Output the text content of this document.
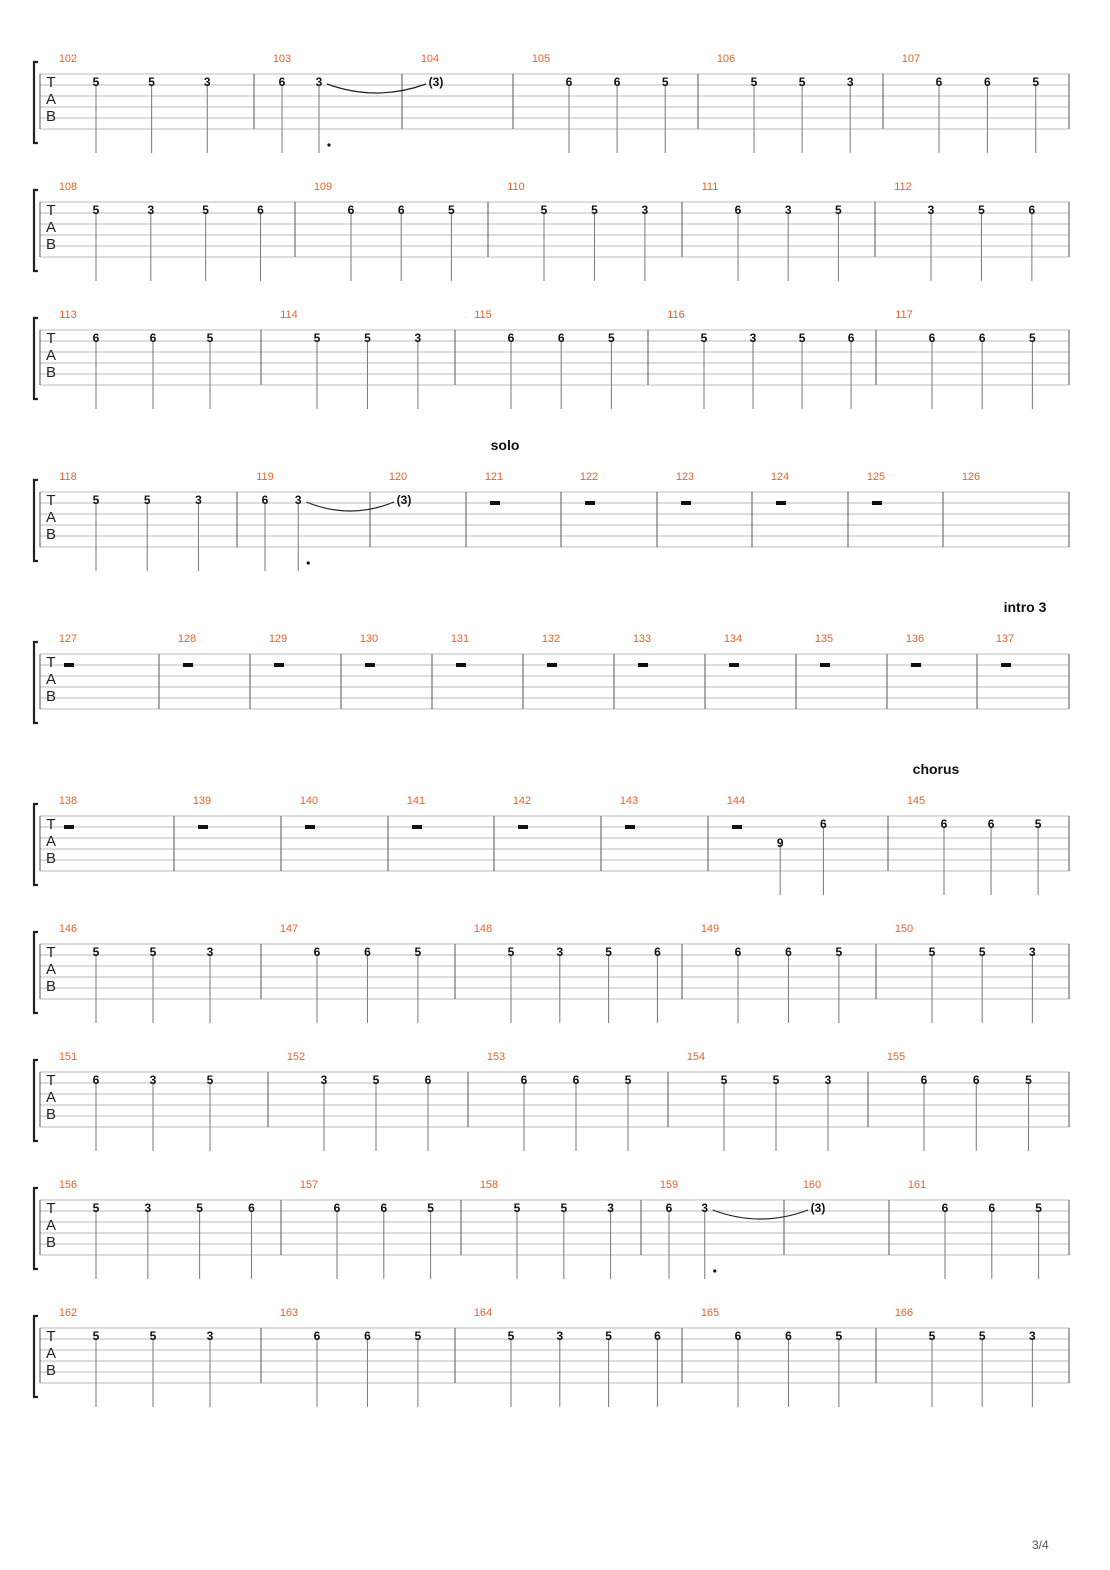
T
A
B
102
5	5	3
103
6	3
104
(3)
105
6	6	5
106
5	5	3
107
6	6	5
T
A
B
108
5	3	5	6
109
6	6	5
110
5	5	3
111
6	3	5
112
3	5	6
T
A
B
113
6	6	5
114
5	5	3
115
6	6	5
116
5	3	5	6
117
6	6	5
T
A
B
solo
118
5	5	3
119
6 3
120
(3)
121	122	123	124	125	126
T
A
B
intro 3
127	128	129	130	131	132	133	134	135	136	137
T
A
B
chorus
138	139	140	141	142	143	144
9
6
145
6	6	5
T
A
B
146
5	5	3
147
6	6	5
148
5	3	5	6
149
6	6	5
150
5	5	3
T
A
B
151
6	3	5
152
3	5	6
153
6	6	5
154
5	5	3
155
6	6	5
T
A
B
156
5	3	5	6
157
6	6	5
158
5	5	3
159
6 3
160
(3)
161
6	6	5
T
A
B
162
5	5	3
163
6	6	5
164
5	3	5	6
165
6	6	5
166
5	5	3
3/4
